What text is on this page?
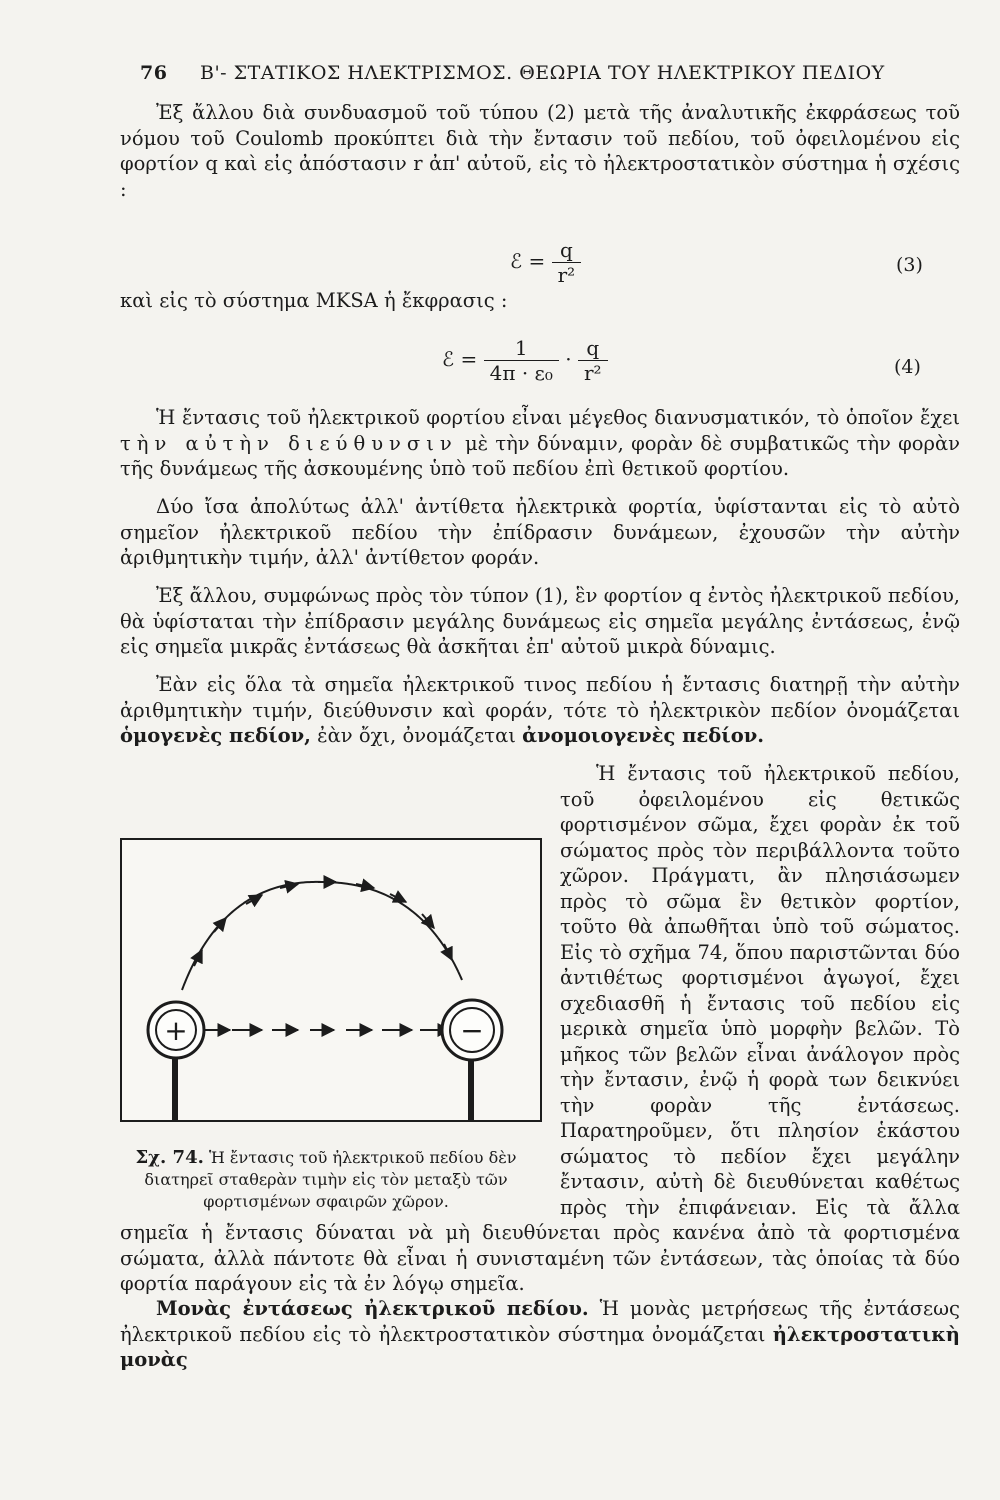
76 Β'- ΣΤΑΤΙΚΟΣ ΗΛΕΚΤΡΙΣΜΟΣ. ΘΕΩΡΙΑ ΤΟΥ ΗΛΕΚΤΡΙΚΟΥ ΠΕΔΙΟΥ

Ἐξ ἄλλου διὰ συνδυασμοῦ τοῦ τύπου (2) μετὰ τῆς ἀναλυτικῆς ἐκφράσεως τοῦ νόμου τοῦ Coulomb προκύπτει διὰ τὴν ἔντασιν τοῦ πεδίου, τοῦ ὀφειλομένου εἰς φορτίον q καὶ εἰς ἀπόστασιν r ἀπ' αὐτοῦ, εἰς τὸ ἠλεκτροστατικὸν σύστημα ἡ σχέσις :

ℰ = $\frac{q}{\text{r²}}$	(3)

καὶ εἰς τὸ σύστημα MKSA ἡ ἔκφρασις :

ℰ = $\frac{1}{\text{4π · ε₀}} \cdot \frac{q}{\text{r²}}$	(4)

Ἡ ἔντασις τοῦ ἠλεκτρικοῦ φορτίου εἶναι μέγεθος διανυσματικόν, τὸ ὁποῖον ἔχει τὴν αὐτὴν διεύθυνσιν μὲ τὴν δύναμιν, φορὰν δὲ συμβατικῶς τὴν φορὰν τῆς δυνάμεως τῆς ἀσκουμένης ὑπὸ τοῦ πεδίου ἐπὶ θετικοῦ φορτίου.

Δύο ἴσα ἀπολύτως ἀλλ' ἀντίθετα ἠλεκτρικὰ φορτία, ὑφίστανται εἰς τὸ αὐτὸ σημεῖον ἠλεκτρικοῦ πεδίου τὴν ἐπίδρασιν δυνάμεων, ἐχουσῶν τὴν αὐτὴν ἀριθμητικὴν τιμήν, ἀλλ' ἀντίθετον φοράν.

Ἐξ ἄλλου, συμφώνως πρὸς τὸν τύπον (1), ἓν φορτίον q ἐντὸς ἠλεκτρικοῦ πεδίου, θὰ ὑφίσταται τὴν ἐπίδρασιν μεγάλης δυνάμεως εἰς σημεῖα μεγάλης ἐντάσεως, ἐνῷ εἰς σημεῖα μικρᾶς ἐντάσεως θὰ ἀσκῆται ἐπ' αὐτοῦ μικρὰ δύναμις.

Ἐὰν εἰς ὅλα τὰ σημεῖα ἠλεκτρικοῦ τινος πεδίου ἡ ἔντασις διατηρῇ τὴν αὐτὴν ἀριθμητικὴν τιμήν, διεύθυνσιν καὶ φοράν, τότε τὸ ἠλεκτρικὸν πεδίον ὀνομάζεται ὁμογενὲς πεδίον, ἐὰν ὄχι, ὀνομάζεται ἀνομοιογενὲς πεδίον.

+	−
Σχ. 74. Ἡ ἔντασις τοῦ ἠλεκτρικοῦ πεδίου δὲν διατηρεῖ σταθερὰν τιμὴν εἰς τὸν μεταξὺ τῶν φορτισμένων σφαιρῶν χῶρον.

Ἡ ἔντασις τοῦ ἠλεκτρικοῦ πεδίου, τοῦ ὀφειλομένου εἰς θετικῶς φορτισμένον σῶμα, ἔχει φορὰν ἐκ τοῦ σώματος πρὸς τὸν περιβάλλοντα τοῦτο χῶρον. Πράγματι, ἂν πλησιάσωμεν πρὸς τὸ σῶμα ἓν θετικὸν φορτίον, τοῦτο θὰ ἀπωθῆται ὑπὸ τοῦ σώματος. Εἰς τὸ σχῆμα 74, ὅπου παριστῶνται δύο ἀντιθέτως φορτισμένοι ἀγωγοί, ἔχει σχεδιασθῆ ἡ ἔντασις τοῦ πεδίου εἰς μερικὰ σημεῖα ὑπὸ μορφὴν βελῶν. Τὸ μῆκος τῶν βελῶν εἶναι ἀνάλογον πρὸς τὴν ἔντασιν, ἐνῷ ἡ φορὰ των δεικνύει τὴν φορὰν τῆς ἐντάσεως. Παρατηροῦμεν, ὅτι πλησίον ἑκάστου σώματος τὸ πεδίον ἔχει μεγάλην ἔντασιν, αὐτὴ δὲ διευθύνεται καθέτως πρὸς τὴν ἐπιφάνειαν. Εἰς τὰ ἄλλα σημεῖα ἡ ἔντασις δύναται νὰ μὴ διευθύνεται πρὸς κανένα ἀπὸ τὰ φορτισμένα σώματα, ἀλλὰ πάντοτε θὰ εἶναι ἡ συνισταμένη τῶν ἐντάσεων, τὰς ὁποίας τὰ δύο φορτία παράγουν εἰς τὰ ἐν λόγῳ σημεῖα.

Μονὰς ἐντάσεως ἠλεκτρικοῦ πεδίου. Ἡ μονὰς μετρήσεως τῆς ἐντάσεως ἠλεκτρικοῦ πεδίου εἰς τὸ ἠλεκτροστατικὸν σύστημα ὀνομάζεται ἠλεκτροστατικὴ μονὰς
